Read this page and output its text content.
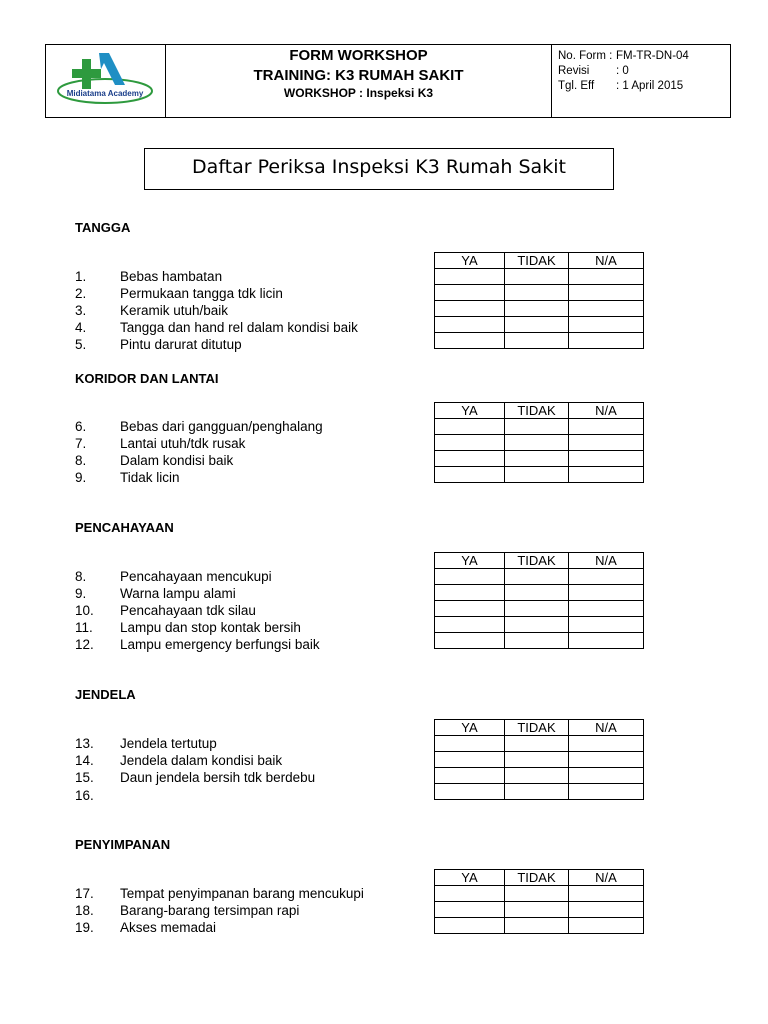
Midiatama Academy
FORM WORKSHOP
TRAINING: K3 RUMAH SAKIT
WORKSHOP : Inspeksi K3
No. Form : FM-TR-DN-04
Revisi	: 0
Tgl. Eff	: 1 April 2015
Daftar Periksa Inspeksi K3 Rumah Sakit
TANGGA
YA	TIDAK	N/A

1.	Bebas hambatan
2.	Permukaan tangga tdk licin
3.	Keramik utuh/baik
4.	Tangga dan hand rel dalam kondisi baik
5.	Pintu darurat ditutup
KORIDOR DAN LANTAI
YA	TIDAK	N/A

6.	Bebas dari gangguan/penghalang
7.	Lantai utuh/tdk rusak
8.	Dalam kondisi baik
9.	Tidak licin
PENCAHAYAAN
YA	TIDAK	N/A

8.	Pencahayaan mencukupi
9.	Warna lampu alami
10.	Pencahayaan tdk silau
11.	Lampu dan stop kontak bersih
12.	Lampu emergency berfungsi baik
JENDELA
YA	TIDAK	N/A

13.	Jendela tertutup
14.	Jendela dalam kondisi baik
15.	Daun jendela bersih tdk berdebu
16.
PENYIMPANAN
YA	TIDAK	N/A

17.	Tempat penyimpanan barang mencukupi
18.	Barang-barang tersimpan rapi
19.	Akses memadai
